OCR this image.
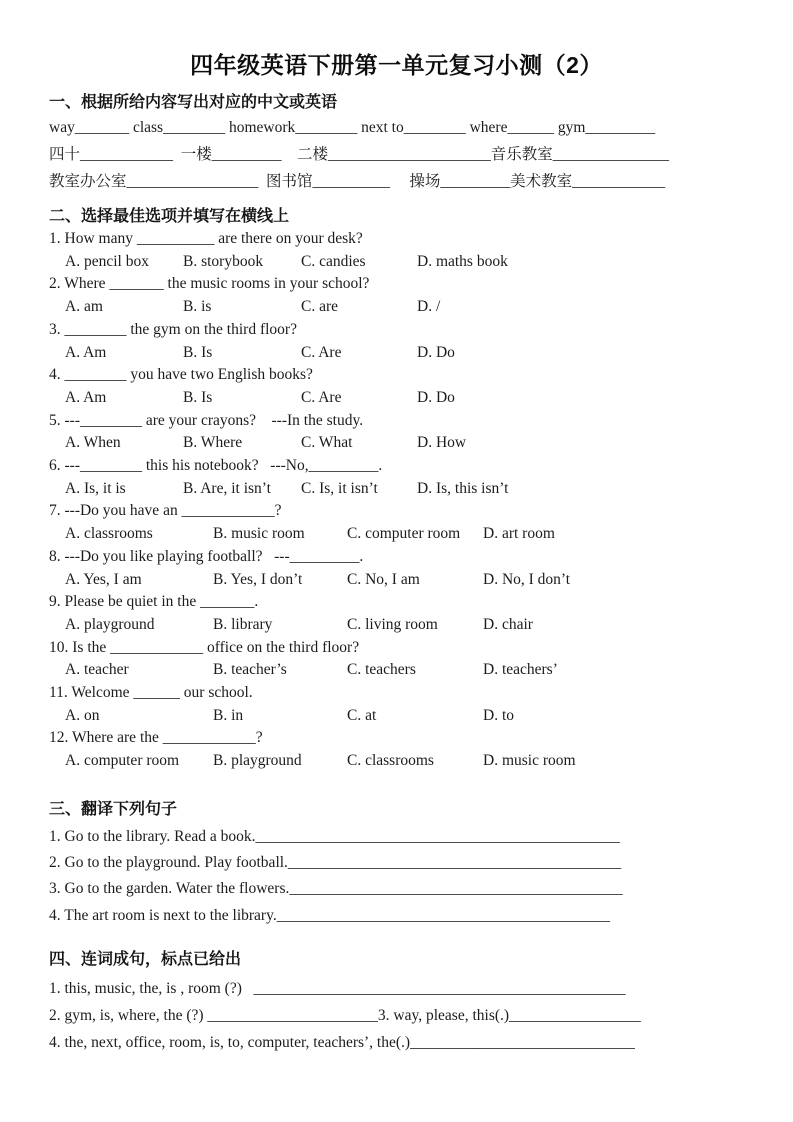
四年级英语下册第一单元复习小测（2）
一、根据所给内容写出对应的中文或英语
way_______ class________ homework________ next to________ where______ gym_________
四十____________  一楼_________    二楼_____________________音乐教室_______________
教室办公室_________________  图书馆__________     操场_________美术教室____________
二、选择最佳选项并填写在横线上
1. How many __________ are there on your desk?
A. pencil box	B. storybook	C. candies	D. maths book
2. Where _______ the music rooms in your school?
A. am	B. is	C. are	D. /
3. ________ the gym on the third floor?
A. Am	B. Is	C. Are	D. Do
4. ________ you have two English books?
A. Am	B. Is	C. Are	D. Do
5. ---________ are your crayons?    ---In the study.
A. When	B. Where	C. What	D. How
6. ---________ this his notebook?   ---No,_________.
A. Is, it is	B. Are, it isn’t	C. Is, it isn’t	D. Is, this isn’t
7. ---Do you have an ____________?
A. classrooms	B. music room	C. computer room	D. art room
8. ---Do you like playing football?   ---_________.
A. Yes, I am	B. Yes, I don’t	C. No, I am	D. No, I don’t
9. Please be quiet in the _______.
A. playground	B. library	C. living room	D. chair
10. Is the ____________ office on the third floor?
A. teacher	B. teacher’s	C. teachers	D. teachers’
11. Welcome ______ our school.
A. on	B. in	C. at	D. to
12. Where are the ____________?
A. computer room	B. playground	C. classrooms	D. music room
三、翻译下列句子
1. Go to the library. Read a book._______________________________________________
2. Go to the playground. Play football.___________________________________________
3. Go to the garden. Water the flowers.___________________________________________
4. The art room is next to the library.___________________________________________
四、连词成句，标点已给出
1. this, music, the, is , room (?)   ________________________________________________
2. gym, is, where, the (?) ______________________3. way, please, this(.)_________________
4. the, next, office, room, is, to, computer, teachers’, the(.)_____________________________
